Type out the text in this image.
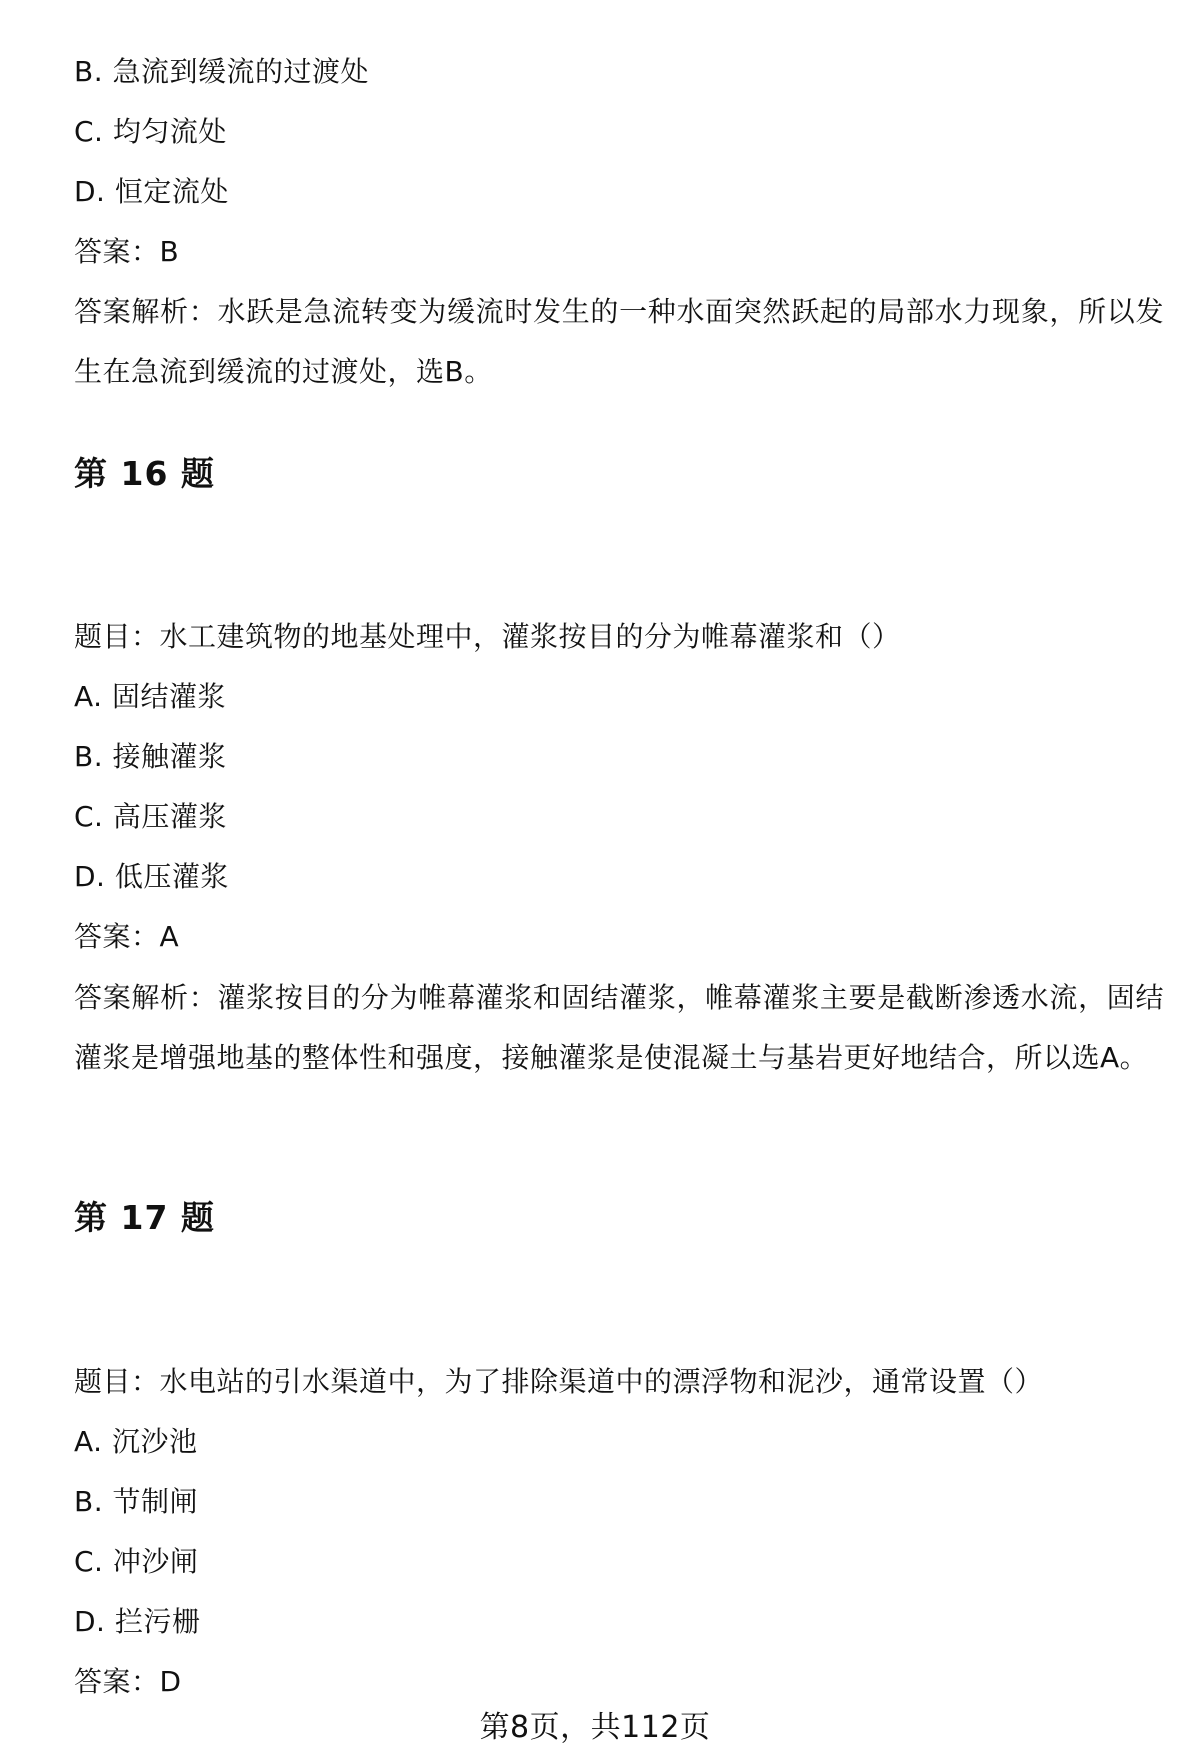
B. 急流到缓流的过渡处
C. 均匀流处
D. 恒定流处
答案：B
答案解析：水跃是急流转变为缓流时发生的一种水面突然跃起的局部水力现象，所以发生在急流到缓流的过渡处，选B。
第 16 题
题目：水工建筑物的地基处理中，灌浆按目的分为帷幕灌浆和（）
A. 固结灌浆
B. 接触灌浆
C. 高压灌浆
D. 低压灌浆
答案：A
答案解析：灌浆按目的分为帷幕灌浆和固结灌浆，帷幕灌浆主要是截断渗透水流，固结灌浆是增强地基的整体性和强度，接触灌浆是使混凝土与基岩更好地结合，所以选A。
第 17 题
题目：水电站的引水渠道中，为了排除渠道中的漂浮物和泥沙，通常设置（）
A. 沉沙池
B. 节制闸
C. 冲沙闸
D. 拦污栅
答案：D
第8页，共112页
